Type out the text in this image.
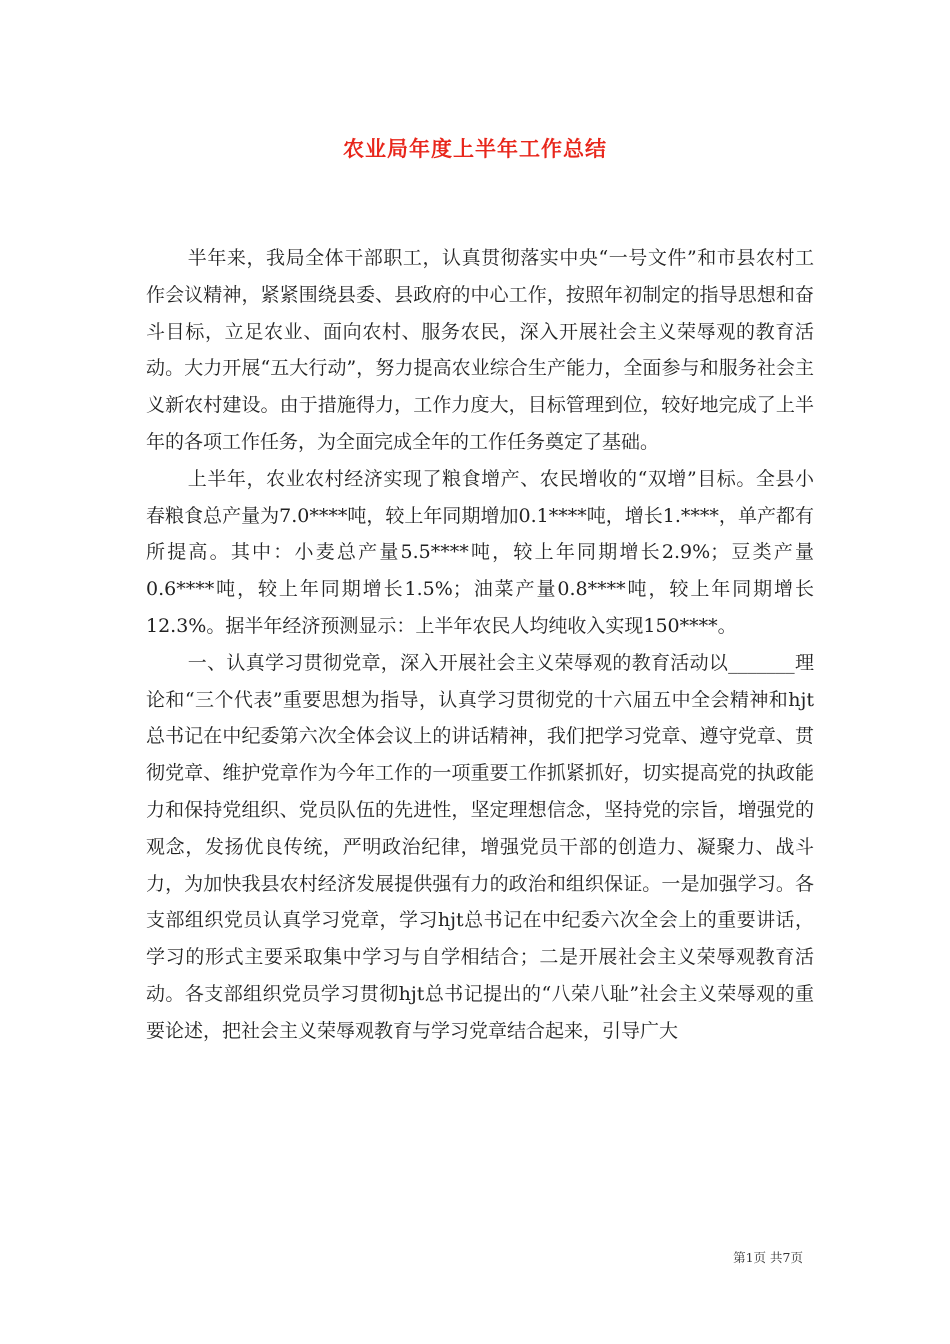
农业局年度上半年工作总结

半年来，我局全体干部职工，认真贯彻落实中央“一号文件”和市县农村工作会议精神，紧紧围绕县委、县政府的中心工作，按照年初制定的指导思想和奋斗目标，立足农业、面向农村、服务农民，深入开展社会主义荣辱观的教育活动。大力开展“五大行动”，努力提高农业综合生产能力，全面参与和服务社会主义新农村建设。由于措施得力，工作力度大，目标管理到位，较好地完成了上半年的各项工作任务，为全面完成全年的工作任务奠定了基础。

上半年，农业农村经济实现了粮食增产、农民增收的“双增”目标。全县小春粮食总产量为7.0****吨，较上年同期增加0.1****吨，增长1.****，单产都有所提高。其中：小麦总产量5.5****吨，较上年同期增长2.9%；豆类产量0.6****吨，较上年同期增长1.5%；油菜产量0.8****吨，较上年同期增长12.3%。据半年经济预测显示：上半年农民人均纯收入实现150****。

一、认真学习贯彻党章，深入开展社会主义荣辱观的教育活动以_______理论和“三个代表”重要思想为指导，认真学习贯彻党的十六届五中全会精神和hjt总书记在中纪委第六次全体会议上的讲话精神，我们把学习党章、遵守党章、贯彻党章、维护党章作为今年工作的一项重要工作抓紧抓好，切实提高党的执政能力和保持党组织、党员队伍的先进性，坚定理想信念，坚持党的宗旨，增强党的观念，发扬优良传统，严明政治纪律，增强党员干部的创造力、凝聚力、战斗力，为加快我县农村经济发展提供强有力的政治和组织保证。一是加强学习。各支部组织党员认真学习党章，学习hjt总书记在中纪委六次全会上的重要讲话，学习的形式主要采取集中学习与自学相结合；二是开展社会主义荣辱观教育活动。各支部组织党员学习贯彻hjt总书记提出的“八荣八耻”社会主义荣辱观的重要论述，把社会主义荣辱观教育与学习党章结合起来，引导广大

第1页 共7页
